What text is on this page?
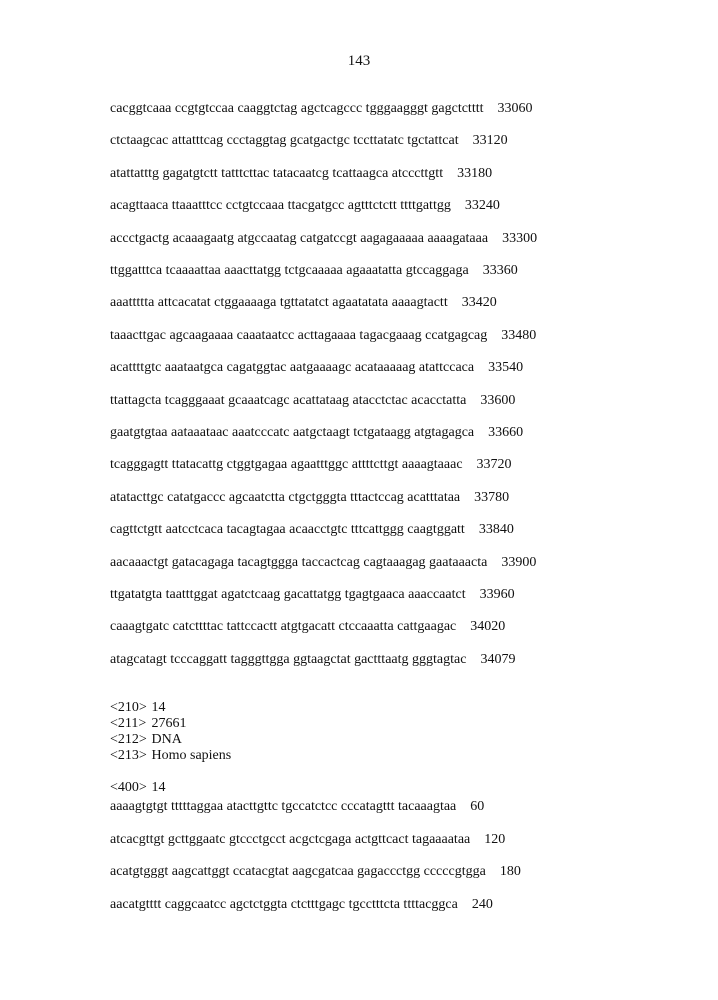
143
cacggtcaaa ccgtgtccaa caaggtctag agctcagccc tgggaagggt gagctctttt 33060
ctctaagcac attatttcag ccctaggtag gcatgactgc tccttatatc tgctattcat 33120
atattatttg gagatgtctt tatttcttac tatacaatcg tcattaagca atcccttgtt 33180
acagttaaca ttaaatttcc cctgtccaaa ttacgatgcc agtttctctt ttttgattgg 33240
accctgactg acaaagaatg atgccaatag catgatccgt aagagaaaaa aaaagataaa 33300
ttggatttca tcaaaattaa aaacttatgg tctgcaaaaa agaaatatta gtccaggaga 33360
aaattttta attcacatat ctggaaaaga tgttatatct agaatatata aaaagtactt 33420
taaacttgac agcaagaaaa caaataatcc acttagaaaa tagacgaaag ccatgagcag 33480
acattttgtc aaataatgca cagatggtac aatgaaaagc acataaaaag atattccaca 33540
ttattagcta tcagggaaat gcaaatcagc acattataag atacctctac acacctatta 33600
gaatgtgtaa aataaataac aaatcccatc aatgctaagt tctgataagg atgtagagca 33660
tcagggagtt ttatacattg ctggtgagaa agaatttggc attttcttgt aaaagtaaac 33720
atatacttgc catatgaccc agcaatctta ctgctgggta tttactccag acatttataa 33780
cagttctgtt aatcctcaca tacagtagaa acaacctgtc tttcattggg caagtggatt 33840
aacaaactgt gatacagaga tacagtggga taccactcag cagtaaagag gaataaacta 33900
ttgatatgta taatttggat agatctcaag gacattatgg tgagtgaaca aaaccaatct 33960
caaagtgatc catcttttac tattccactt atgtgacatt ctccaaatta cattgaagac 34020
atagcatagt tcccaggatt tagggttgga ggtaagctat gactttaatg gggtagtac 34079
<210> 14
<211> 27661
<212> DNA
<213> Homo sapiens
<400> 14
aaaagtgtgt tttttaggaa atacttgttc tgccatctcc cccatagttt tacaaagtaa 60
atcacgttgt gcttggaatc gtccctgcct acgctcgaga actgttcact tagaaaataa 120
acatgtgggt aagcattggt ccatacgtat aagcgatcaa gagaccctgg cccccgtgga 180
aacatgtttt caggcaatcc agctctggta ctctttgagc tgcctttcta ttttacggca 240
